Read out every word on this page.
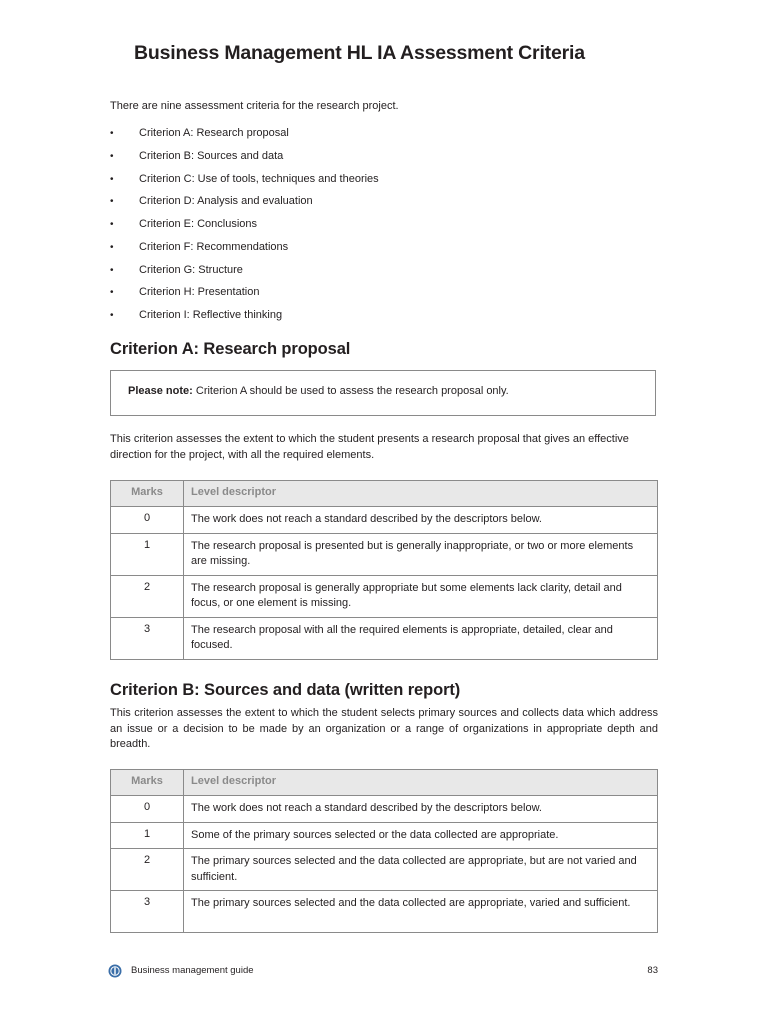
Business Management HL IA Assessment Criteria

There are nine assessment criteria for the research project.

• Criterion A: Research proposal
• Criterion B: Sources and data
• Criterion C: Use of tools, techniques and theories
• Criterion D: Analysis and evaluation
• Criterion E: Conclusions
• Criterion F: Recommendations
• Criterion G: Structure
• Criterion H: Presentation
• Criterion I: Reflective thinking
Criterion A: Research proposal
Please note: Criterion A should be used to assess the research proposal only.

This criterion assesses the extent to which the student presents a research proposal that gives an effective direction for the project, with all the required elements.

Marks	Level descriptor
0	The work does not reach a standard described by the descriptors below.
1	The research proposal is presented but is generally inappropriate, or two or more elements are missing.
2	The research proposal is generally appropriate but some elements lack clarity, detail and focus, or one element is missing.
3	The research proposal with all the required elements is appropriate, detailed, clear and focused.
Criterion B: Sources and data (written report)

This criterion assesses the extent to which the student selects primary sources and collects data which address an issue or a decision to be made by an organization or a range of organizations in appropriate depth and breadth.

Marks	Level descriptor
0	The work does not reach a standard described by the descriptors below.
1	Some of the primary sources selected or the data collected are appropriate.
2	The primary sources selected and the data collected are appropriate, but are not varied and sufficient.
3	The primary sources selected and the data collected are appropriate, varied and sufficient.
Business management guide	83
